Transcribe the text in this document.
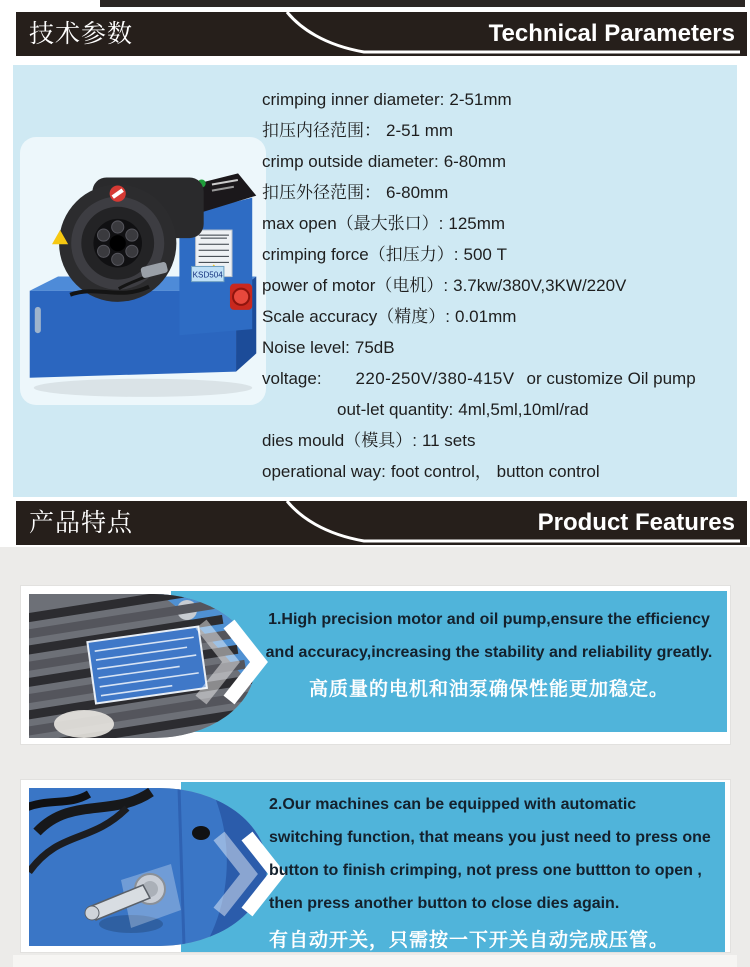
技术参数	Technical Parameters
KSD504
crimping inner diameter: 2-51mm
扣压内径范围： 2-51 mm
crimp outside diameter: 6-80mm
扣压外径范围： 6-80mm
max open（最大张口）: 125mm
crimping force（扣压力）: 500 T
power of motor（电机）: 3.7kw/380V,3KW/220V
Scale accuracy（精度）: 0.01mm
Noise level: 75dB
voltage: 220-250V/380-415V or customize Oil pump
out-let quantity: 4ml,5ml,10ml/rad
dies mould（模具）: 11 sets
operational way: foot control， button control
产品特点	Product Features
1.High precision motor and oil pump,ensure the efficiency
and accuracy,increasing the stability and reliability greatly.
高质量的电机和油泵确保性能更加稳定。
2.Our machines can be equipped with automatic
switching function, that means you just need to press one
button to finish crimping, not press one buttton to open ,
then press another button to close dies again.
有自动开关，只需按一下开关自动完成压管。
